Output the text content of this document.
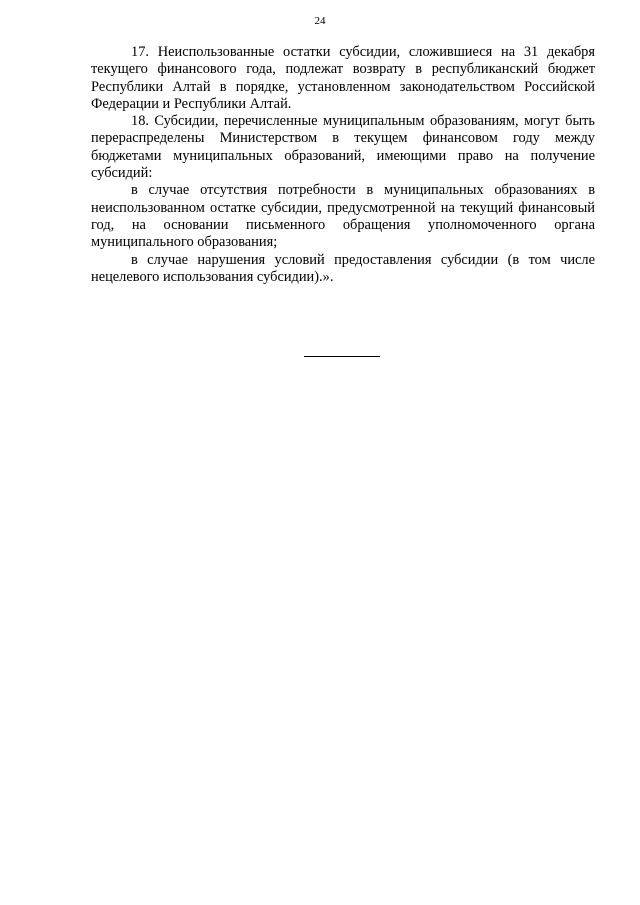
24

17. Неиспользованные остатки субсидии, сложившиеся на 31 декабря текущего финансового года, подлежат возврату в республиканский бюджет Республики Алтай в порядке, установленном законодательством Российской Федерации и Республики Алтай.

18. Субсидии, перечисленные муниципальным образованиям, могут быть перераспределены Министерством в текущем финансовом году между бюджетами муниципальных образований, имеющими право на получение субсидий:

в случае отсутствия потребности в муниципальных образованиях в неиспользованном остатке субсидии, предусмотренной на текущий финансовый год, на основании письменного обращения уполномоченного органа муниципального образования;

в случае нарушения условий предоставления субсидии (в том числе нецелевого использования субсидии).».
